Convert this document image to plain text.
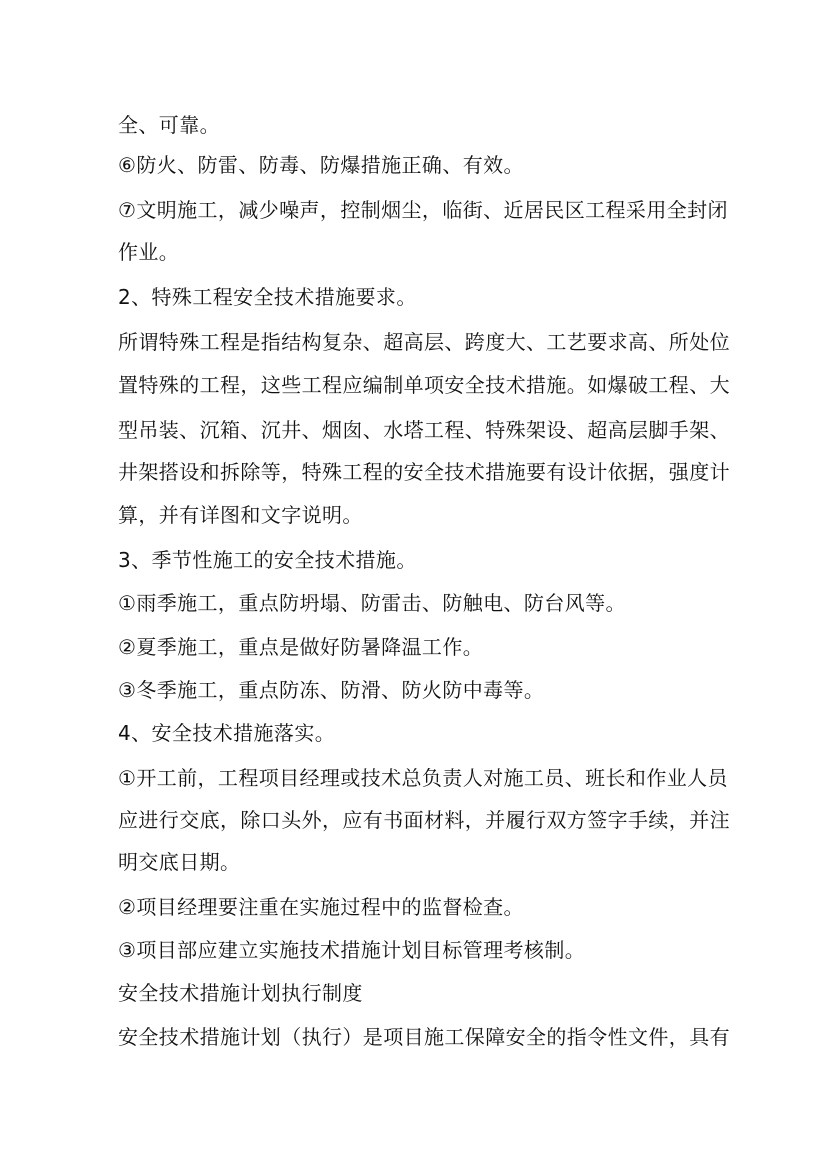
全、可靠。
⑥防火、防雷、防毒、防爆措施正确、有效。
⑦文明施工，减少噪声，控制烟尘，临街、近居民区工程采用全封闭
作业。
2、特殊工程安全技术措施要求。
所谓特殊工程是指结构复杂、超高层、跨度大、工艺要求高、所处位
置特殊的工程，这些工程应编制单项安全技术措施。如爆破工程、大
型吊装、沉箱、沉井、烟囱、水塔工程、特殊架设、超高层脚手架、
井架搭设和拆除等，特殊工程的安全技术措施要有设计依据，强度计
算，并有详图和文字说明。
3、季节性施工的安全技术措施。
①雨季施工，重点防坍塌、防雷击、防触电、防台风等。
②夏季施工，重点是做好防暑降温工作。
③冬季施工，重点防冻、防滑、防火防中毒等。
4、安全技术措施落实。
①开工前，工程项目经理或技术总负责人对施工员、班长和作业人员
应进行交底，除口头外，应有书面材料，并履行双方签字手续，并注
明交底日期。
②项目经理要注重在实施过程中的监督检查。
③项目部应建立实施技术措施计划目标管理考核制。
安全技术措施计划执行制度
安全技术措施计划（执行）是项目施工保障安全的指令性文件，具有
